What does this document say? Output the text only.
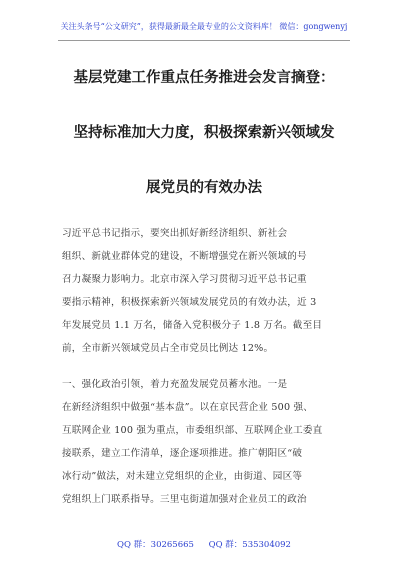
关注头条号“公文研究”，获得最新最全最专业的公文资料库！ 微信：gongwenyj
基层党建工作重点任务推进会发言摘登：
坚持标准加大力度，积极探索新兴领域发
展党员的有效办法
习近平总书记指示，要突出抓好新经济组织、新社会
组织、新就业群体党的建设，不断增强党在新兴领域的号
召力凝聚力影响力。北京市深入学习贯彻习近平总书记重
要指示精神，积极探索新兴领域发展党员的有效办法，近 3
年发展党员 1.1 万名，储备入党积极分子 1.8 万名。截至目
前，全市新兴领域党员占全市党员比例达 12%。
一、强化政治引领，着力充盈发展党员蓄水池。一是
在新经济组织中做强“基本盘”。以在京民营企业 500 强、
互联网企业 100 强为重点，市委组织部、互联网企业工委直
接联系，建立工作清单，逐企逐项推进。推广朝阳区“破
冰行动”做法，对未建立党组织的企业，由街道、园区等
党组织上门联系指导。三里屯街道加强对企业员工的政治
QQ 群：30265665 QQ 群：535304092
